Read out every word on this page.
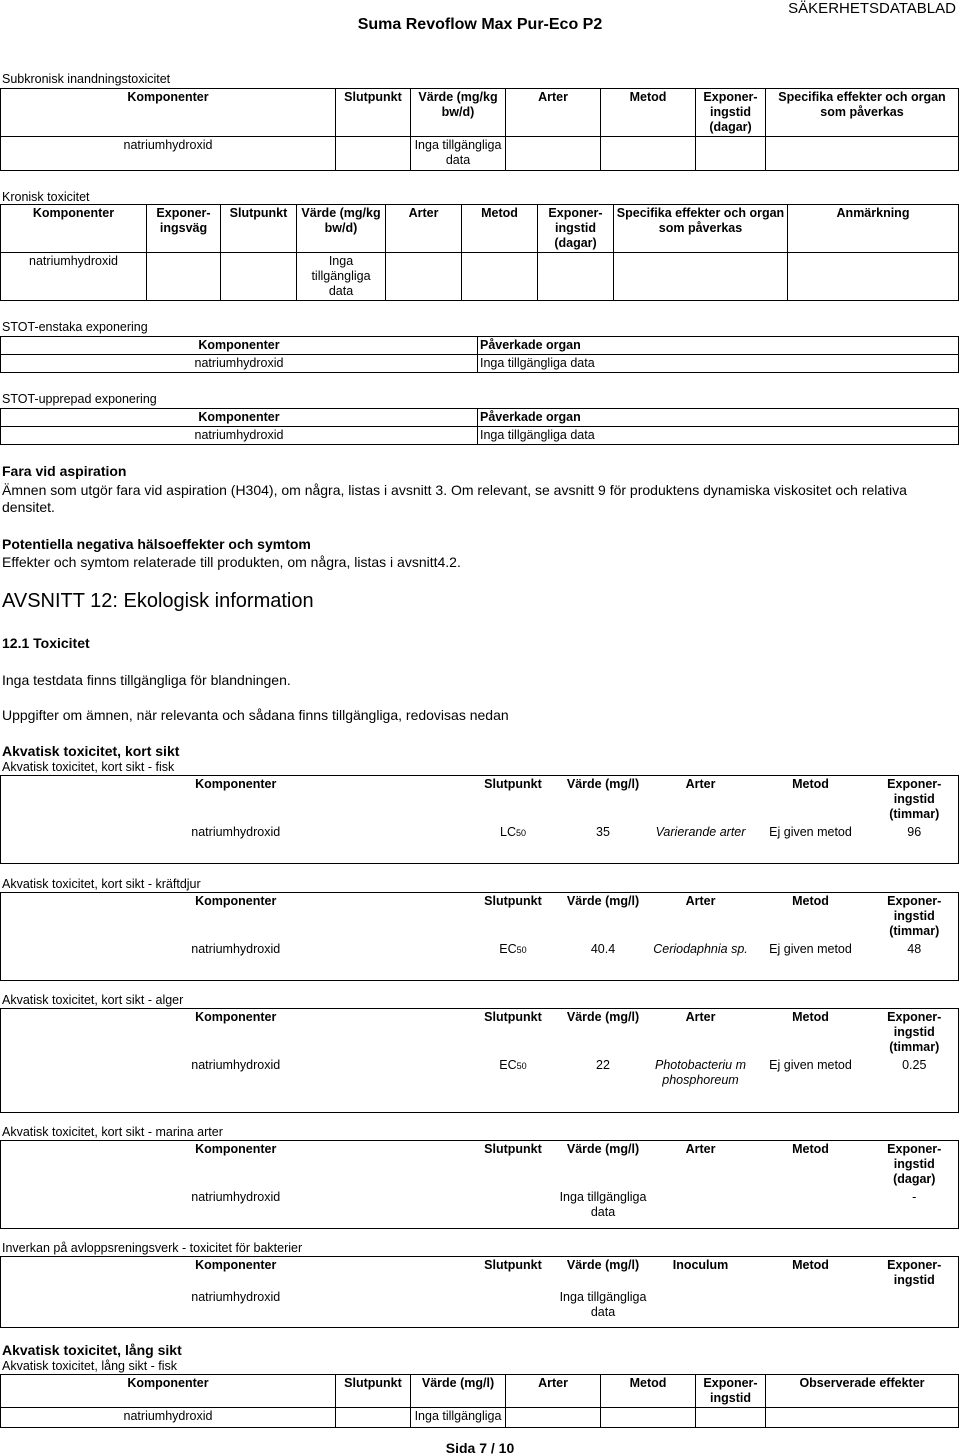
SÄKERHETSDATABLAD
Suma Revoflow Max Pur-Eco P2
Subkronisk inandningstoxicitet
Komponenter	Slutpunkt	Värde (mg/kg bw/d)	Arter	Metod	Exponer-ingstid (dagar)	Specifika effekter och organ som påverkas
natriumhydroxid		Inga tillgängliga data				
Kronisk toxicitet
Komponenter	Exponer-ingsväg	Slutpunkt	Värde (mg/kg bw/d)	Arter	Metod	Exponer-ingstid (dagar)	Specifika effekter och organ som påverkas	Anmärkning
natriumhydroxid			Inga tillgängliga data					
STOT-enstaka exponering
Komponenter	Påverkade organ
natriumhydroxid	Inga tillgängliga data
STOT-upprepad exponering
Komponenter	Påverkade organ
natriumhydroxid	Inga tillgängliga data
Fara vid aspiration
Ämnen som utgör fara vid aspiration (H304), om några, listas i avsnitt 3. Om relevant, se avsnitt 9 för produktens dynamiska viskositet och relativa densitet.
Potentiella negativa hälsoeffekter och symtom
Effekter och symtom relaterade till produkten, om några, listas i avsnitt4.2.
AVSNITT 12: Ekologisk information
12.1 Toxicitet
Inga testdata finns tillgängliga för blandningen.
Uppgifter om ämnen, när relevanta och sådana finns tillgängliga, redovisas nedan
Akvatisk toxicitet, kort sikt
Akvatisk toxicitet, kort sikt - fisk
Komponenter	Slutpunkt	Värde (mg/l)	Arter	Metod	Exponer-ingstid (timmar)
natriumhydroxid	LC50	35	Varierande arter	Ej given metod	96
Akvatisk toxicitet, kort sikt - kräftdjur
Komponenter	Slutpunkt	Värde (mg/l)	Arter	Metod	Exponer-ingstid (timmar)
natriumhydroxid	EC50	40.4	Ceriodaphnia sp.	Ej given metod	48
Akvatisk toxicitet, kort sikt - alger
Komponenter	Slutpunkt	Värde (mg/l)	Arter	Metod	Exponer-ingstid (timmar)
natriumhydroxid	EC50	22	Photobacteriu m phosphoreum	Ej given metod	0.25
Akvatisk toxicitet, kort sikt - marina arter
Komponenter	Slutpunkt	Värde (mg/l)	Arter	Metod	Exponer-ingstid (dagar)
natriumhydroxid		Inga tillgängliga data			-
Inverkan på avloppsreningsverk - toxicitet för bakterier
Komponenter	Slutpunkt	Värde (mg/l)	Inoculum	Metod	Exponer-ingstid
natriumhydroxid		Inga tillgängliga data			
Akvatisk toxicitet, lång sikt
Akvatisk toxicitet, lång sikt - fisk
Komponenter	Slutpunkt	Värde (mg/l)	Arter	Metod	Exponer-ingstid	Observerade effekter
natriumhydroxid		Inga tillgängliga				
Sida 7 / 10
